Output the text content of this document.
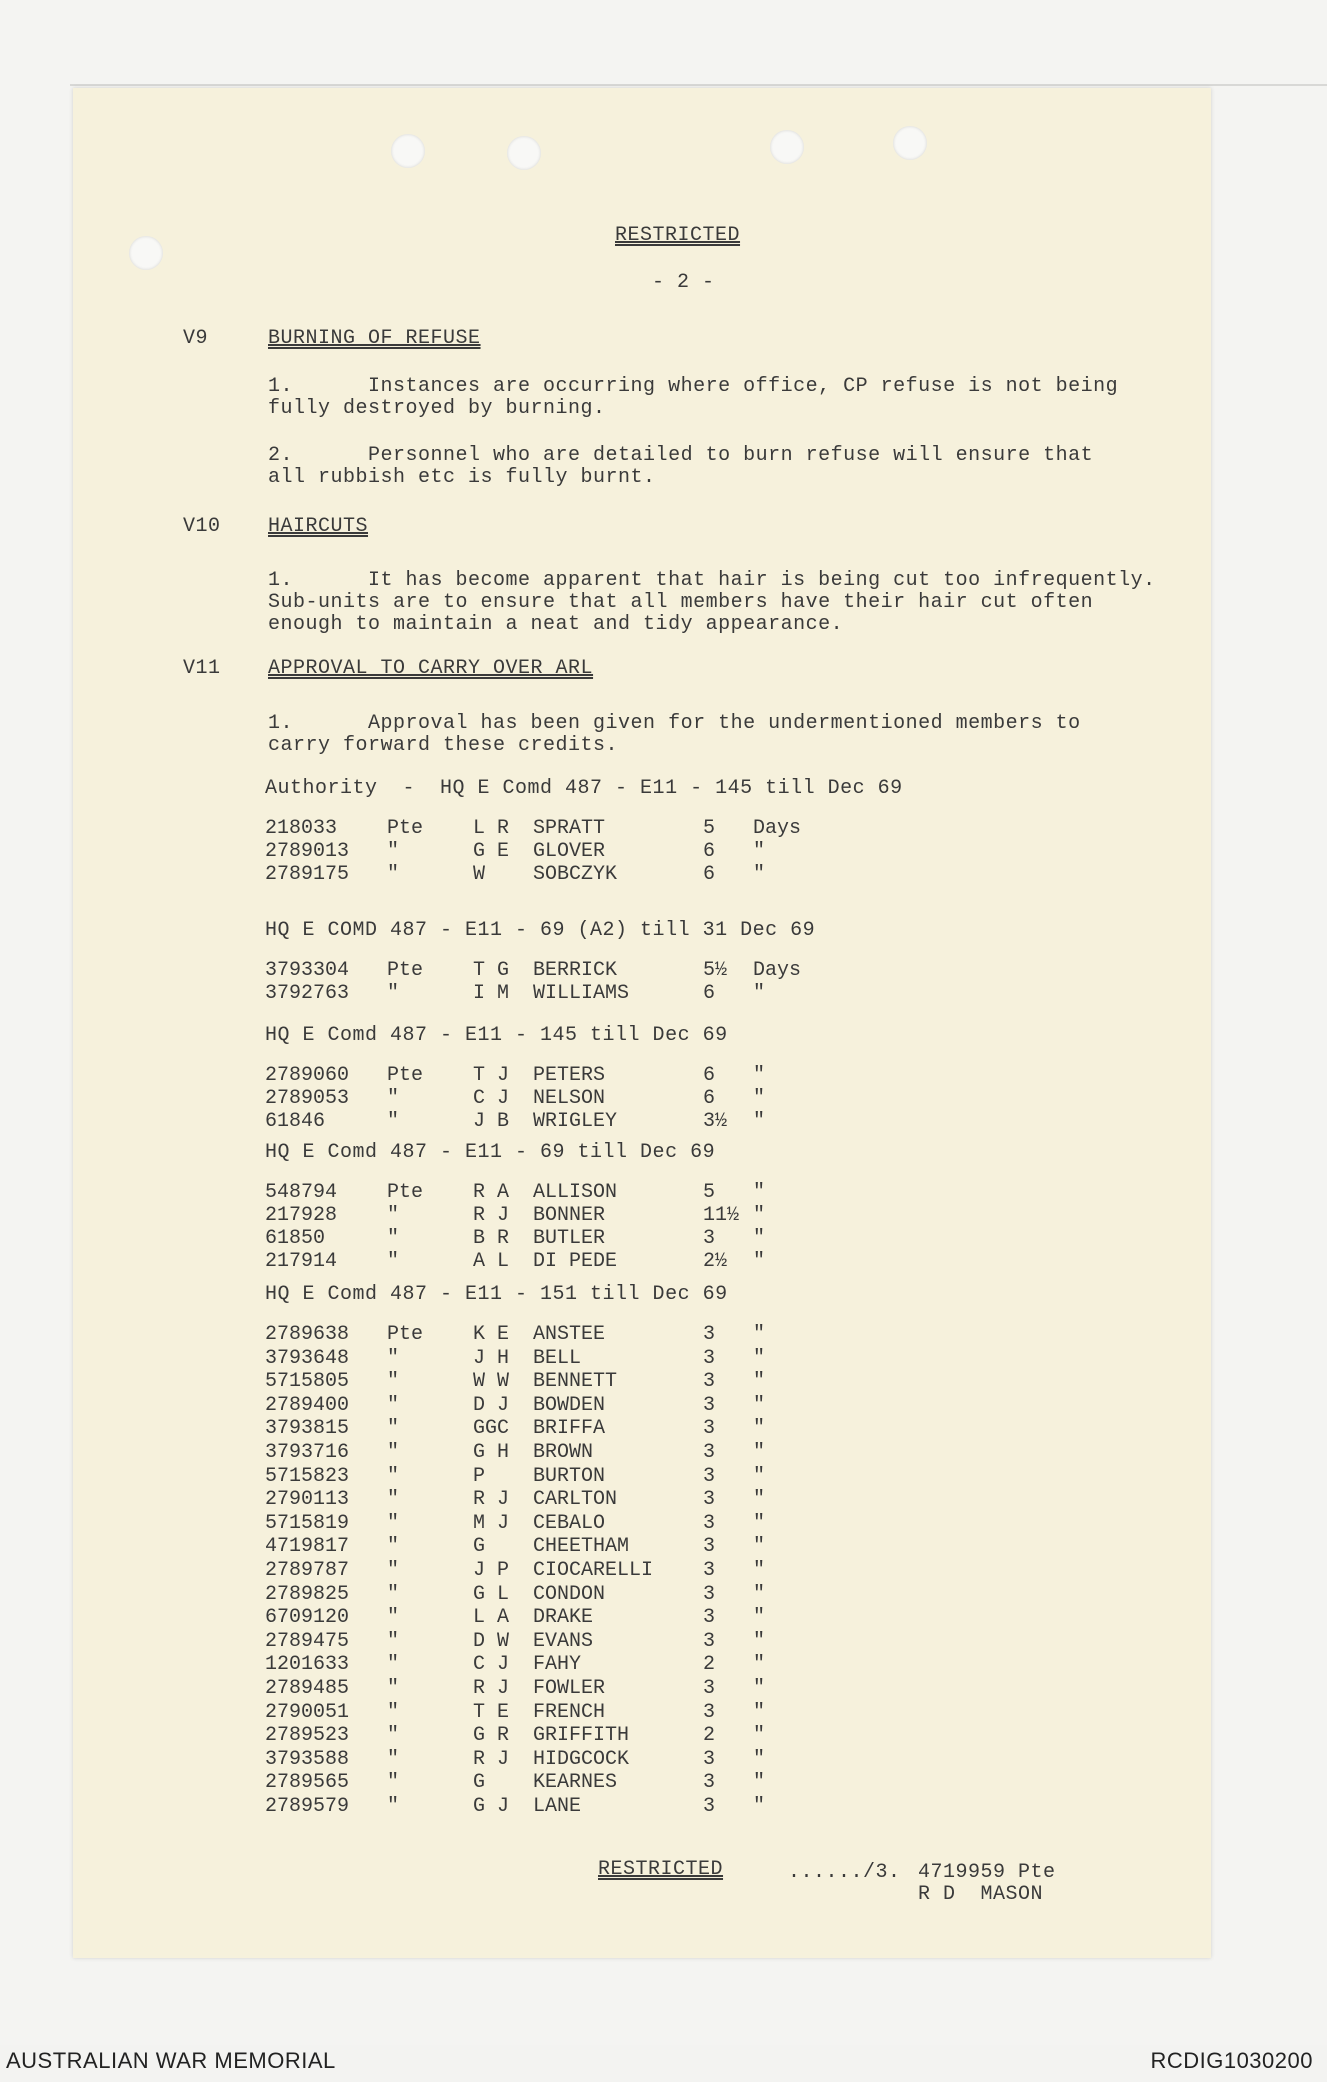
RESTRICTED
- 2 -
V9	BURNING OF REFUSE
1.      Instances are occurring where office, CP refuse is not being
fully destroyed by burning.
2.      Personnel who are detailed to burn refuse will ensure that
all rubbish etc is fully burnt.
V10 HAIRCUTS
1.      It has become apparent that hair is being cut too infrequently.
Sub-units are to ensure that all members have their hair cut often
enough to maintain a neat and tidy appearance.
V11 APPROVAL TO CARRY OVER ARL
1.      Approval has been given for the undermentioned members to
carry forward these credits.
Authority  -  HQ E Comd 487 - E11 - 145 till Dec 69
218033 Pte L R SPRATT	5 Days
2789013 "	G E GLOVER	6 "
2789175 "	W SOBCZYK	6 "
HQ E COMD 487 - E11 - 69 (A2) till 31 Dec 69
3793304 Pte T G BERRICK	5½ Days
3792763 "	I M WILLIAMS	6 "
HQ E Comd 487 - E11 - 145 till Dec 69
2789060 Pte T J PETERS	6 "
2789053 "	C J NELSON	6 "
61846	"	J B WRIGLEY	3½ "
HQ E Comd 487 - E11 - 69 till Dec 69
548794 Pte R A ALLISON	5 "
217928 "	R J BONNER	11½ "
61850	"	B R BUTLER	3 "
217914 "	A L DI PEDE	2½ "
HQ E Comd 487 - E11 - 151 till Dec 69
2789638 Pte K E ANSTEE	3 "
3793648 "	J H BELL	3 "
5715805 "	W W BENNETT	3 "
2789400 "	D J BOWDEN	3 "
3793815 "	GGC BRIFFA	3 "
3793716 "	G H BROWN	3 "
5715823 "	P BURTON	3 "
2790113 "	R J CARLTON	3 "
5715819 "	M J CEBALO	3 "
4719817 "	G CHEETHAM	3 "
2789787 "	J P CIOCARELLI 3 "
2789825 "	G L CONDON	3 "
6709120 "	L A DRAKE	3 "
2789475 "	D W EVANS	3 "
1201633 "	C J FAHY	2 "
2789485 "	R J FOWLER	3 "
2790051 "	T E FRENCH	3 "
2789523 "	G R GRIFFITH	2 "
3793588 "	R J HIDGCOCK	3 "
2789565 "	G KEARNES	3 "
2789579 "	G J LANE	3 "
RESTRICTED	....../3. 4719959 Pte
R D  MASON
AUSTRALIAN WAR MEMORIAL	RCDIG1030200
